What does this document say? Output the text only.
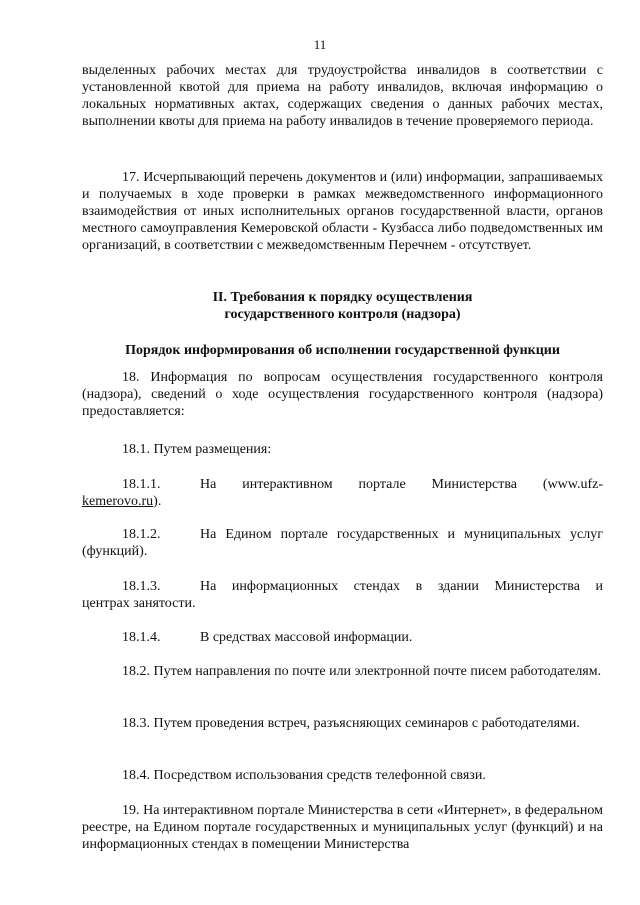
11

выделенных рабочих местах для трудоустройства инвалидов в соответствии с установленной квотой для приема на работу инвалидов, включая информацию о локальных нормативных актах, содержащих сведения о данных рабочих местах, выполнении квоты для приема на работу инвалидов в течение проверяемого периода.

17. Исчерпывающий перечень документов и (или) информации, запрашиваемых и получаемых в ходе проверки в рамках межведомственного информационного взаимодействия от иных исполнительных органов государственной власти, органов местного самоуправления Кемеровской области - Кузбасса либо подведомственных им организаций, в соответствии с межведомственным Перечнем - отсутствует.

II. Требования к порядку осуществления

государственного контроля (надзора)

Порядок информирования об исполнении государственной функции

18. Информация по вопросам осуществления государственного контроля (надзора), сведений о ходе осуществления государственного контроля (надзора) предоставляется:

18.1. Путем размещения:

18.1.1.	На интерактивном портале Министерства (www.ufz-
kemerovo.ru).
18.1.2.	На Едином портале государственных и муниципальных услуг
(функций).
18.1.3.	На информационных стендах в здании Министерства и
центрах занятости.
18.1.4.	В средствах массовой информации.

18.2. Путем направления по почте или электронной почте писем работодателям.

18.3. Путем проведения встреч, разъясняющих семинаров с работодателями.

18.4. Посредством использования средств телефонной связи.

19. На интерактивном портале Министерства в сети «Интернет», в федеральном реестре, на Едином портале государственных и муниципальных услуг (функций) и на информационных стендах в помещении Министерства
